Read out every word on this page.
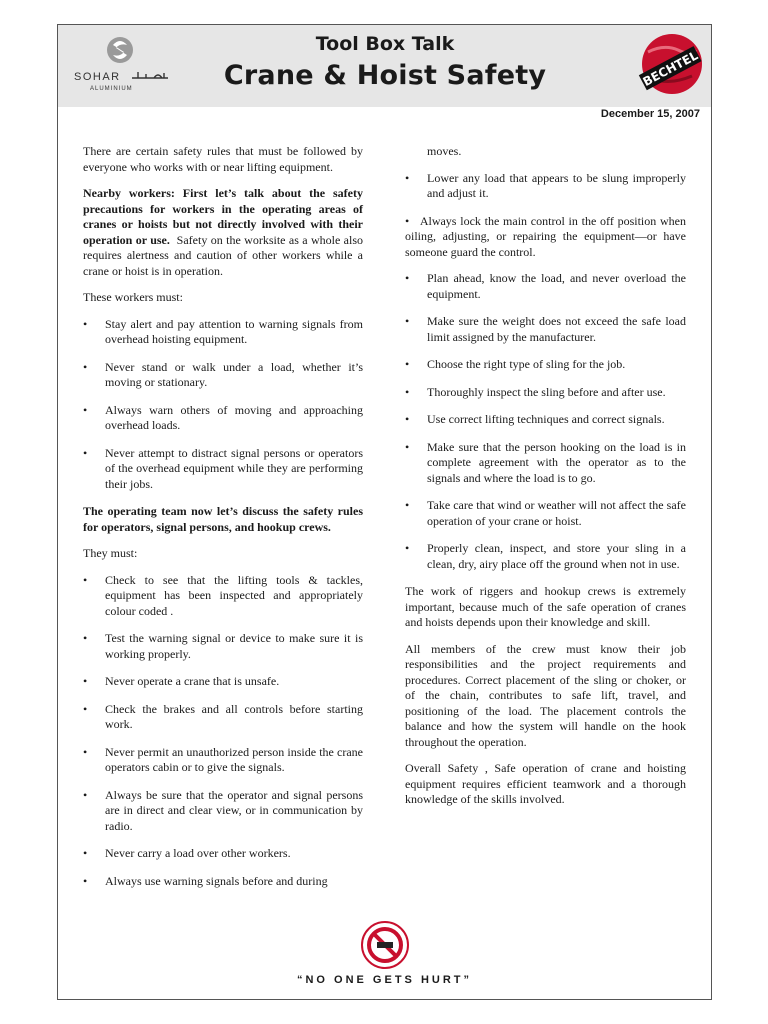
SOHAR
ALUMINIUM
Tool Box Talk
Crane & Hoist Safety	BECHTEL
December 15, 2007

There are certain safety rules that must be followed by everyone who works with or near lifting equipment.

Nearby workers: First let’s talk about the safety precautions for workers in the operating areas of cranes or hoists but not directly involved with their operation or use. Safety on the worksite as a whole also requires alertness and caution of other workers while a crane or hoist is in operation.

These workers must:

• Stay alert and pay attention to warning signals from overhead hoisting equipment.
• Never stand or walk under a load, whether it’s moving or stationary.
• Always warn others of moving and approaching overhead loads.
• Never attempt to distract signal persons or operators of the overhead equipment while they are performing their jobs.

The operating team now let’s discuss the safety rules for operators, signal persons, and hookup crews.

They must:

• Check to see that the lifting tools & tackles, equipment has been inspected and appropriately colour coded .
• Test the warning signal or device to make sure it is working properly.
• Never operate a crane that is unsafe.
• Check the brakes and all controls before starting work.
• Never permit an unauthorized person inside the crane operators cabin or to give the signals.
• Always be sure that the operator and signal persons are in direct and clear view, or in communication by radio.
• Never carry a load over other workers.
• Always use warning signals before and during

moves.

• Lower any load that appears to be slung improperly and adjust it.

• Always lock the main control in the off position when oiling, adjusting, or repairing the equipment—or have someone guard the control.

• Plan ahead, know the load, and never overload the equipment.
• Make sure the weight does not exceed the safe load limit assigned by the manufacturer.
• Choose the right type of sling for the job.
• Thoroughly inspect the sling before and after use.
• Use correct lifting techniques and correct signals.
• Make sure that the person hooking on the load is in complete agreement with the operator as to the signals and where the load is to go.
• Take care that wind or weather will not affect the safe operation of your crane or hoist.
• Properly clean, inspect, and store your sling in a clean, dry, airy place off the ground when not in use.

The work of riggers and hookup crews is extremely important, because much of the safe operation of cranes and hoists depends upon their knowledge and skill.

All members of the crew must know their job responsibilities and the project requirements and procedures. Correct placement of the sling or choker, or of the chain, contributes to safe lift, travel, and positioning of the load. The placement controls the balance and how the system will handle on the hook throughout the operation.

Overall Safety , Safe operation of crane and hoisting equipment requires efficient teamwork and a thorough knowledge of the skills involved.

“NO ONE GETS HURT”
